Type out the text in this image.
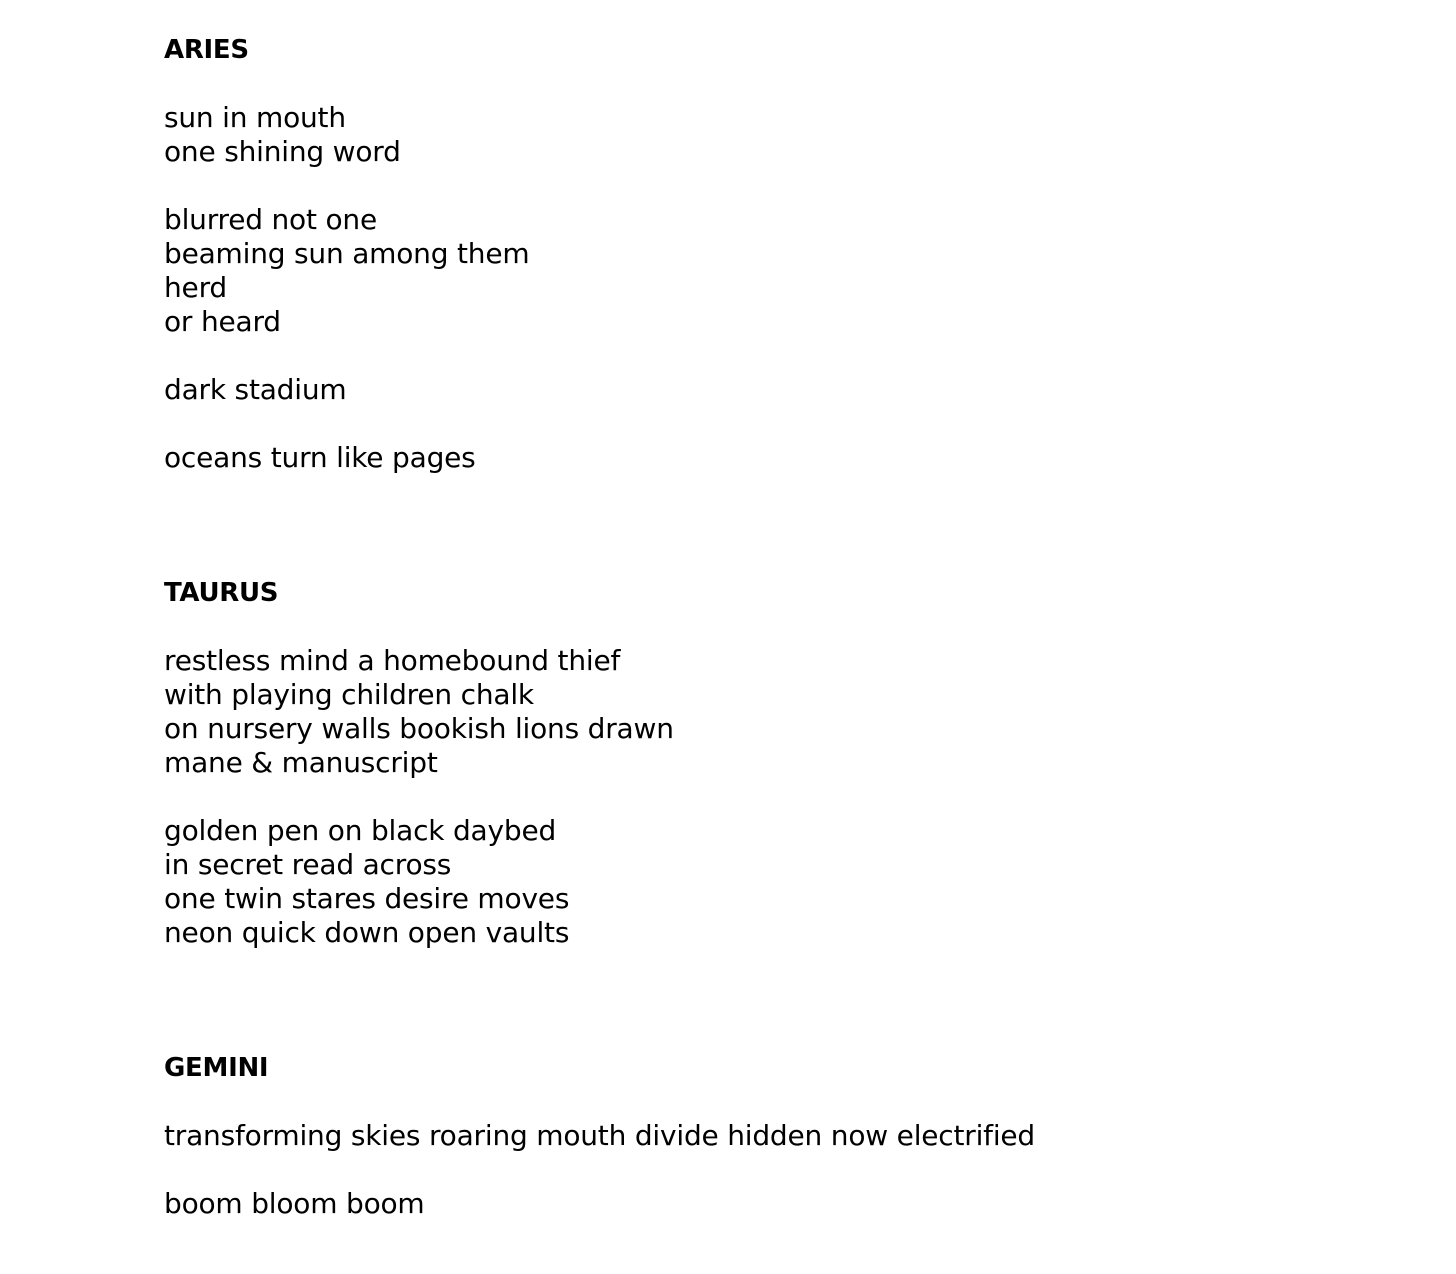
ARIES
sun in mouth
one shining word
blurred not one
beaming sun among them
herd
or heard
dark stadium
oceans turn like pages
TAURUS
restless mind a homebound thief
with playing children chalk
on nursery walls bookish lions drawn
mane & manuscript
golden pen on black daybed
in secret read across
one twin stares desire moves
neon quick down open vaults
GEMINI
transforming skies roaring mouth divide hidden now electrified
boom bloom boom
